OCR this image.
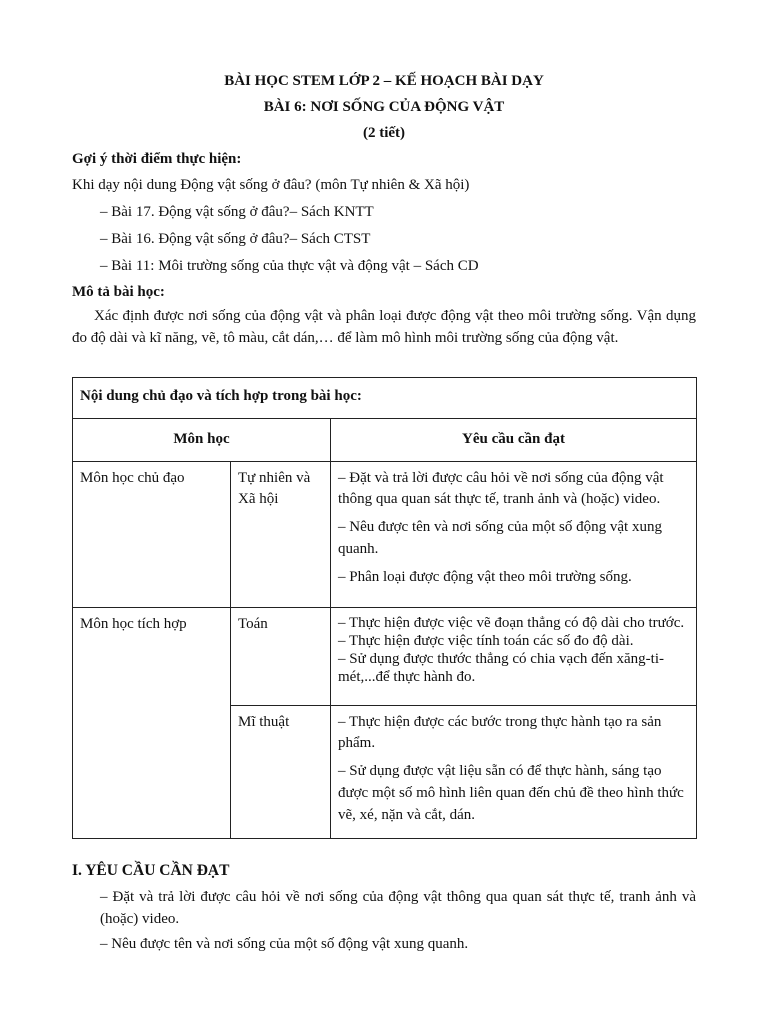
BÀI HỌC STEM LỚP 2 – KẾ HOẠCH BÀI DẠY
BÀI 6: NƠI SỐNG CỦA ĐỘNG VẬT
(2 tiết)
Gợi ý thời điểm thực hiện:
Khi dạy nội dung Động vật sống ở đâu? (môn Tự nhiên & Xã hội)
– Bài 17. Động vật sống ở đâu?– Sách KNTT
– Bài 16. Động vật sống ở đâu?– Sách CTST
– Bài 11: Môi trường sống của thực vật và động vật – Sách CD
Mô tả bài học:
Xác định được nơi sống của động vật và phân loại được động vật theo môi trường sống. Vận dụng đo độ dài và kĩ năng, vẽ, tô màu, cắt dán,… để làm mô hình môi trường sống của động vật.
Nội dung chủ đạo và tích hợp trong bài học:		
Môn học		Yêu cầu cần đạt
Môn học chủ đạo	Tự nhiên và Xã hội	– Đặt và trả lời được câu hỏi về nơi sống của động vật thông qua quan sát thực tế, tranh ảnh và (hoặc) video.

– Nêu được tên và nơi sống của một số động vật xung quanh.

– Phân loại được động vật theo môi trường sống.

Môn học tích hợp	Toán	– Thực hiện được việc vẽ đoạn thẳng có độ dài cho trước.

– Thực hiện được việc tính toán các số đo độ dài.

– Sử dụng được thước thẳng có chia vạch đến xăng-ti-mét,...để thực hành đo.

	Mĩ thuật	– Thực hiện được các bước trong thực hành tạo ra sản phẩm.

– Sử dụng được vật liệu sẵn có để thực hành, sáng tạo được một số mô hình liên quan đến chủ đề theo hình thức vẽ, xé, nặn và cắt, dán.

I. YÊU CẦU CẦN ĐẠT
– Đặt và trả lời được câu hỏi về nơi sống của động vật thông qua quan sát thực tế, tranh ảnh và (hoặc) video.
– Nêu được tên và nơi sống của một số động vật xung quanh.
